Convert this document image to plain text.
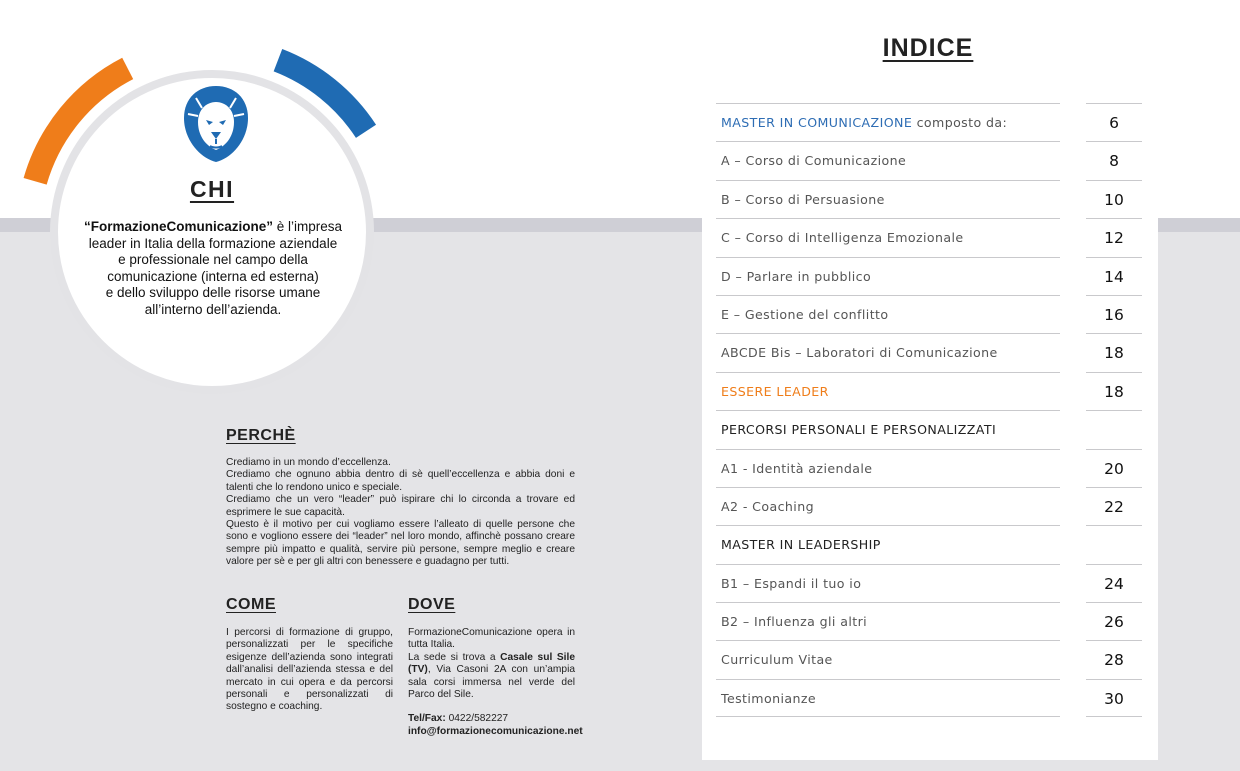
CHI
“FormazioneComunicazione” è l’impresa
leader in Italia della formazione aziendale
e professionale nel campo della
comunicazione (interna ed esterna)
e dello sviluppo delle risorse umane
all’interno dell’azienda.
PERCHÈ
Crediamo in un mondo d’eccellenza.
Crediamo che ognuno abbia dentro di sè quell’eccellenza e abbia doni e talenti che lo rendono unico e speciale.
Crediamo che un vero “leader” può ispirare chi lo circonda a trovare ed esprimere le sue capacità.
Questo è il motivo per cui vogliamo essere l’alleato di quelle persone che sono e vogliono essere dei “leader” nel loro mondo, affinchè possano creare sempre più impatto e qualità, servire più persone, sempre meglio e creare valore per sè e per gli altri con benessere e guadagno per tutti.
COME
I percorsi di formazione di gruppo, personalizzati per le specifiche esigenze dell’azienda sono integrati dall’analisi dell’azienda stessa e del mercato in cui opera e da percorsi personali e personalizzati di sostegno e coaching.
DOVE
FormazioneComunicazione opera in tutta Italia.
La sede si trova a Casale sul Sile (TV), Via Casoni 2A con un’ampia sala corsi immersa nel verde del Parco del Sile.
Tel/Fax: 0422/582227
info@formazionecomunicazione.net
INDICE
MASTER IN COMUNICAZIONE composto da:	6
A – Corso di Comunicazione	8
B – Corso di Persuasione	10
C – Corso di Intelligenza Emozionale	12
D – Parlare in pubblico	14
E – Gestione del conflitto	16
ABCDE Bis – Laboratori di Comunicazione	18
ESSERE LEADER	18
PERCORSI PERSONALI E PERSONALIZZATI
A1 - Identità aziendale	20
A2 - Coaching	22
MASTER IN LEADERSHIP
B1 – Espandi il tuo io	24
B2 – Influenza gli altri	26
Curriculum Vitae	28
Testimonianze	30
